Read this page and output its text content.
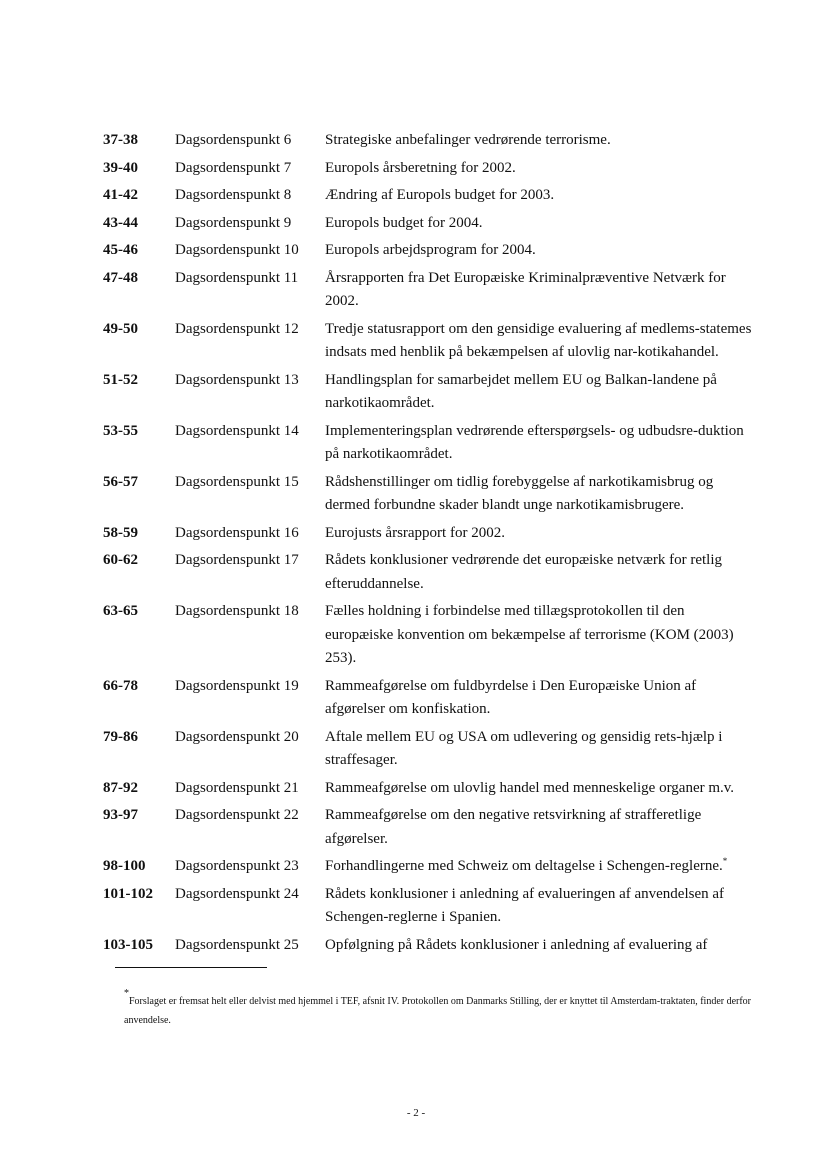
37-38	Dagsordenspunkt 6	Strategiske anbefalinger vedrørende terrorisme.
39-40	Dagsordenspunkt 7	Europols årsberetning for 2002.
41-42	Dagsordenspunkt 8	Ændring af Europols budget for 2003.
43-44	Dagsordenspunkt 9	Europols budget for 2004.
45-46	Dagsordenspunkt 10	Europols arbejdsprogram for 2004.
47-48	Dagsordenspunkt 11	Årsrapporten fra Det Europæiske Kriminalpræventive Netværk for 2002.
49-50	Dagsordenspunkt 12	Tredje statusrapport om den gensidige evaluering af medlems-statemes indsats med henblik på bekæmpelsen af ulovlig nar-kotikahandel.
51-52	Dagsordenspunkt 13	Handlingsplan for samarbejdet mellem EU og Balkan-landene på narkotikaområdet.
53-55	Dagsordenspunkt 14	Implementeringsplan vedrørende efterspørgsels- og udbudsre-duktion på narkotikaområdet.
56-57	Dagsordenspunkt 15	Rådshenstillinger om tidlig forebyggelse af narkotikamisbrug og dermed forbundne skader blandt unge narkotikamisbrugere.
58-59	Dagsordenspunkt 16	Eurojusts årsrapport for 2002.
60-62	Dagsordenspunkt 17	Rådets konklusioner vedrørende det europæiske netværk for retlig efteruddannelse.
63-65	Dagsordenspunkt 18	Fælles holdning i forbindelse med tillægsprotokollen til den europæiske konvention om bekæmpelse af terrorisme (KOM (2003) 253).
66-78	Dagsordenspunkt 19	Rammeafgørelse om fuldbyrdelse i Den Europæiske Union af afgørelser om konfiskation.
79-86	Dagsordenspunkt 20	Aftale mellem EU og USA om udlevering og gensidig rets-hjælp i straffesager.
87-92	Dagsordenspunkt 21	Rammeafgørelse om ulovlig handel med menneskelige organer m.v.
93-97	Dagsordenspunkt 22	Rammeafgørelse om den negative retsvirkning af strafferetlige afgørelser.
98-100	Dagsordenspunkt 23	Forhandlingerne med Schweiz om deltagelse i Schengen-reglerne.*
101-102	Dagsordenspunkt 24	Rådets konklusioner i anledning af evalueringen af anvendelsen af Schengen-reglerne i Spanien.
103-105	Dagsordenspunkt 25	Opfølgning på Rådets konklusioner i anledning af evaluering af
*
Forslaget er fremsat helt eller delvist med hjemmel i TEF, afsnit IV. Protokollen om Danmarks Stilling, der er knyttet til Amsterdam-traktaten, finder derfor anvendelse.
- 2 -
